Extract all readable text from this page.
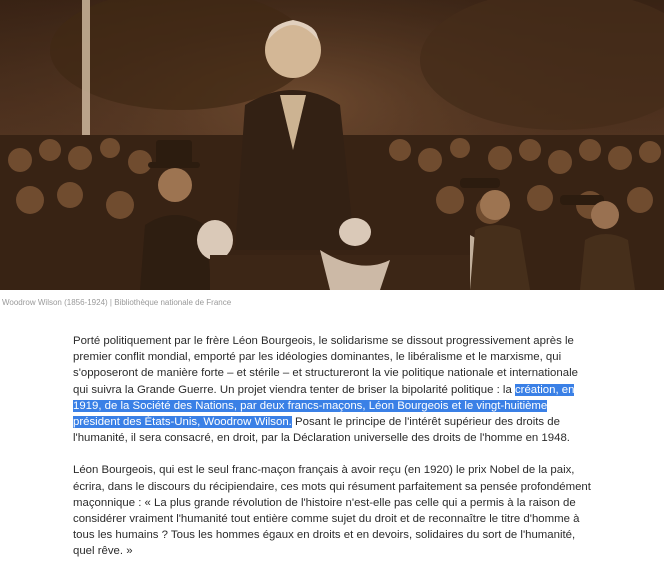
Woodrow Wilson (1856-1924) | Bibliothèque nationale de France

Porté politiquement par le frère Léon Bourgeois, le solidarisme se dissout progressivement après le premier conflit mondial, emporté par les idéologies dominantes, le libéralisme et le marxisme, qui s'opposeront de manière forte – et stérile – et structureront la vie politique nationale et internationale qui suivra la Grande Guerre. Un projet viendra tenter de briser la bipolarité politique : la création, en 1919, de la Société des Nations, par deux francs-maçons, Léon Bourgeois et le vingt-huitième président des États-Unis, Woodrow Wilson. Posant le principe de l'intérêt supérieur des droits de l'humanité, il sera consacré, en droit, par la Déclaration universelle des droits de l'homme en 1948.

Léon Bourgeois, qui est le seul franc-maçon français à avoir reçu (en 1920) le prix Nobel de la paix, écrira, dans le discours du récipiendaire, ces mots qui résument parfaitement sa pensée profondément maçonnique : « La plus grande révolution de l'histoire n'est-elle pas celle qui a permis à la raison de considérer vraiment l'humanité tout entière comme sujet du droit et de reconnaître le titre d'homme à tous les humains ? Tous les hommes égaux en droits et en devoirs, solidaires du sort de l'humanité, quel rêve. »
